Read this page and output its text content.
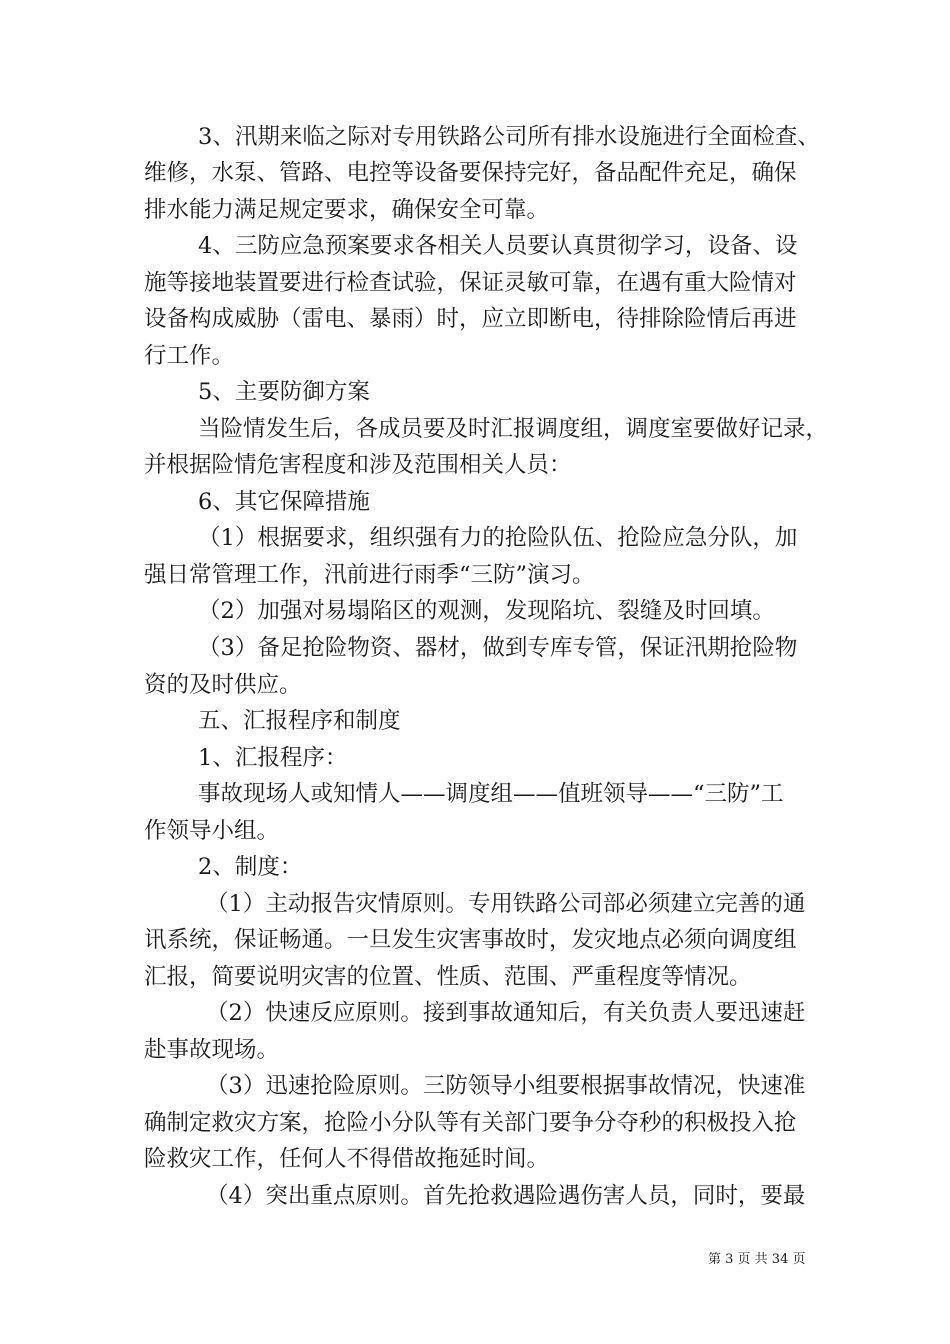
3、汛期来临之际对专用铁路公司所有排水设施进行全面检查、
维修，水泵、管路、电控等设备要保持完好，备品配件充足，确保
排水能力满足规定要求，确保安全可靠。
4、三防应急预案要求各相关人员要认真贯彻学习，设备、设
施等接地装置要进行检查试验，保证灵敏可靠，在遇有重大险情对
设备构成威胁（雷电、暴雨）时，应立即断电，待排除险情后再进
行工作。
5、主要防御方案
当险情发生后，各成员要及时汇报调度组，调度室要做好记录，
并根据险情危害程度和涉及范围相关人员：
6、其它保障措施
（1）根据要求，组织强有力的抢险队伍、抢险应急分队，加
强日常管理工作，汛前进行雨季“三防”演习。
（2）加强对易塌陷区的观测，发现陷坑、裂缝及时回填。
（3）备足抢险物资、器材，做到专库专管，保证汛期抢险物
资的及时供应。
五、汇报程序和制度
1、汇报程序：
事故现场人或知情人——调度组——值班领导——“三防”工
作领导小组。
2、制度：
（1）主动报告灾情原则。专用铁路公司部必须建立完善的通
讯系统，保证畅通。一旦发生灾害事故时，发灾地点必须向调度组
汇报，简要说明灾害的位置、性质、范围、严重程度等情况。
（2）快速反应原则。接到事故通知后，有关负责人要迅速赶
赴事故现场。
（3）迅速抢险原则。三防领导小组要根据事故情况，快速准
确制定救灾方案，抢险小分队等有关部门要争分夺秒的积极投入抢
险救灾工作，任何人不得借故拖延时间。
（4）突出重点原则。首先抢救遇险遇伤害人员，同时，要最
第 3 页 共 34 页
